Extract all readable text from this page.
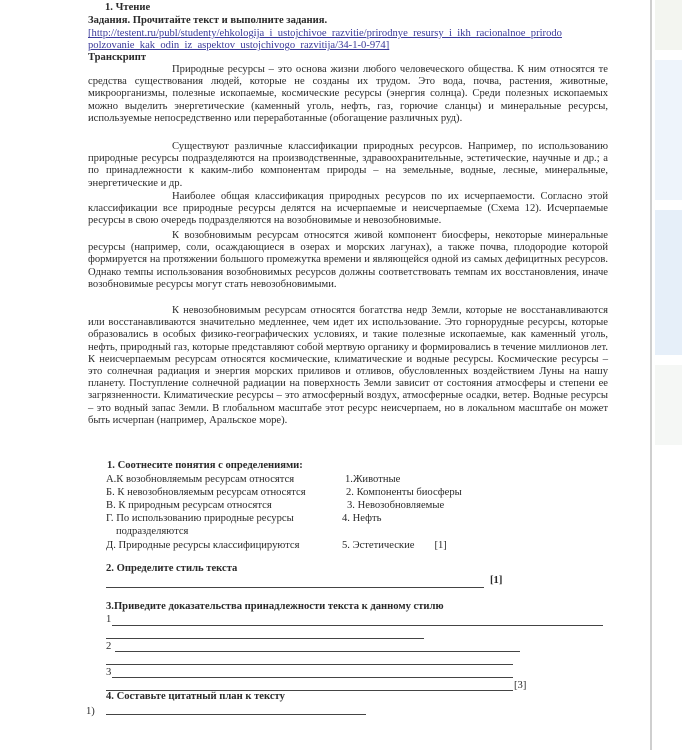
1. Чтение
Задания. Прочитайте текст и выполните задания.
[http://testent.ru/publ/studenty/ehkologija_i_ustojchivoe_razvitie/prirodnye_resursy_i_ikh_racionalnoe_prirodo
polzovanie_kak_odin_iz_aspektov_ustojchivogo_razvitija/34-1-0-974]
Транскрипт
Природные ресурсы – это основа жизни любого человеческого общества. К ним относятся те средства существования людей, которые не созданы их трудом. Это вода, почва, растения, животные, микроорганизмы, полезные ископаемые, космические ресурсы (энергия солнца). Среди полезных ископаемых можно выделить энергетические (каменный уголь, нефть, газ, горючие сланцы) и минеральные ресурсы, используемые непосредственно или переработанные (обогащение различных руд).
Существуют различные классификации природных ресурсов. Например, по использованию природные ресурсы подразделяются на производственные, здравоохранительные, эстетические, научные и др.; а по принадлежности к каким-либо компонентам природы – на земельные, водные, лесные, минеральные, энергетические и др.
Наиболее общая классификация природных ресурсов по их исчерпаемости. Согласно этой классификации все природные ресурсы делятся на исчерпаемые и неисчерпаемые (Схема 12). Исчерпаемые ресурсы в свою очередь подразделяются на возобновимые и невозобновимые.
К возобновимым ресурсам относятся живой компонент биосферы, некоторые минеральные ресурсы (например, соли, осаждающиеся в озерах и морских лагунах), а также почва, плодородие которой формируется на протяжении большого промежутка времени и являющейся одной из самых дефицитных ресурсов. Однако темпы использования возобновимых ресурсов должны соответствовать темпам их восстановления, иначе возобновимые ресурсы могут стать невозобновимыми.
К невозобновимым ресурсам относятся богатства недр Земли, которые не восстанавливаются или восстанавливаются значительно медленнее, чем идет их использование. Это горнорудные ресурсы, которые образовались в особых физико-географических условиях, и такие полезные ископаемые, как каменный уголь, нефть, природный газ, которые представляют собой мертвую органику и формировались в течение миллионов лет. К неисчерпаемым ресурсам относятся космические, климатические и водные ресурсы. Космические ресурсы – это солнечная радиация и энергия морских приливов и отливов, обусловленных воздействием Луны на нашу планету. Поступление солнечной радиации на поверхность Земли зависит от состояния атмосферы и степени ее загрязненности. Климатические ресурсы – это атмосферный воздух, атмосферные осадки, ветер. Водные ресурсы – это водный запас Земли. В глобальном масштабе этот ресурс неисчерпаем, но в локальном масштабе он может быть исчерпан (например, Аральское море).
1. Соотнесите понятия с определениями:
А.К возобновляемым ресурсам относятся
Б. К невозобновляемым ресурсам относятся
В. К природным ресурсам относятся
Г. По использованию природные ресурсы
подразделяются
Д. Природные ресурсы классифицируются
1.Животные
2. Компоненты биосферы
3. Невозобновляемые
4. Нефть
5. Эстетические [1]
2. Определите стиль текста
[1]
3.Приведите доказательства принадлежности текста к данному стилю
1
2
3
[3]
4. Составьте цитатный план к тексту
1)
